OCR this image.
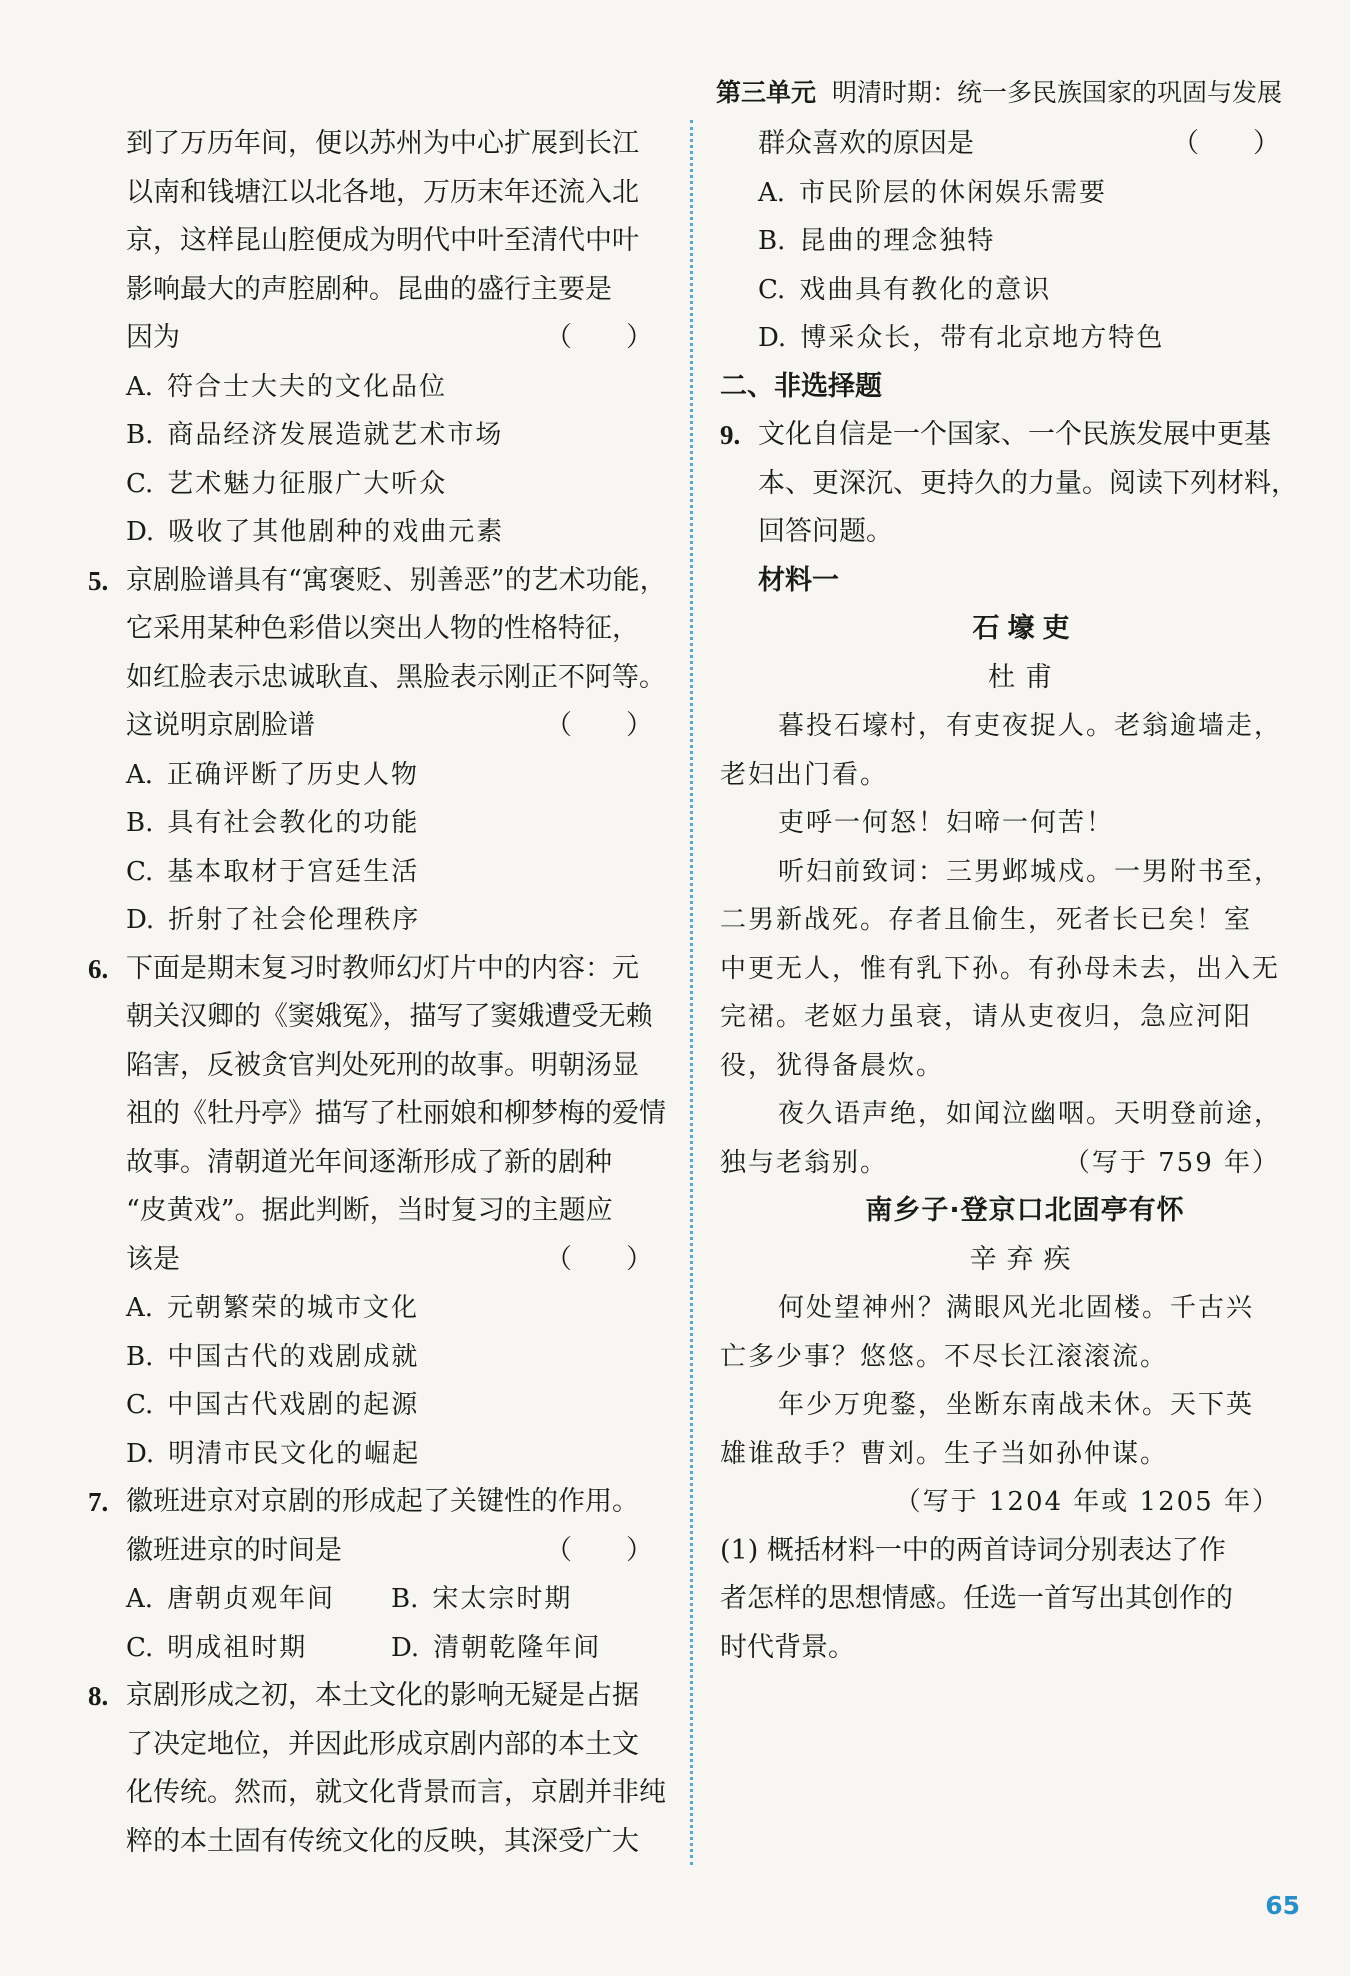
第三单元 明清时期：统一多民族国家的巩固与发展
到了万历年间，便以苏州为中心扩展到长江
以南和钱塘江以北各地，万历末年还流入北
京，这样昆山腔便成为明代中叶至清代中叶
影响最大的声腔剧种。昆曲的盛行主要是
因为	（　　）
A. 符合士大夫的文化品位
B. 商品经济发展造就艺术市场
C. 艺术魅力征服广大听众
D. 吸收了其他剧种的戏曲元素
5. 京剧脸谱具有“寓褒贬、别善恶”的艺术功能，
它采用某种色彩借以突出人物的性格特征，
如红脸表示忠诚耿直、黑脸表示刚正不阿等。
这说明京剧脸谱	（　　）
A. 正确评断了历史人物
B. 具有社会教化的功能
C. 基本取材于宫廷生活
D. 折射了社会伦理秩序
6. 下面是期末复习时教师幻灯片中的内容：元
朝关汉卿的《窦娥冤》，描写了窦娥遭受无赖
陷害，反被贪官判处死刑的故事。明朝汤显
祖的《牡丹亭》描写了杜丽娘和柳梦梅的爱情
故事。清朝道光年间逐渐形成了新的剧种
“皮黄戏”。据此判断，当时复习的主题应
该是	（　　）
A. 元朝繁荣的城市文化
B. 中国古代的戏剧成就
C. 中国古代戏剧的起源
D. 明清市民文化的崛起
7. 徽班进京对京剧的形成起了关键性的作用。
徽班进京的时间是	（　　）
A. 唐朝贞观年间	B. 宋太宗时期
C. 明成祖时期	D. 清朝乾隆年间
8. 京剧形成之初，本土文化的影响无疑是占据
了决定地位，并因此形成京剧内部的本土文
化传统。然而，就文化背景而言，京剧并非纯
粹的本土固有传统文化的反映，其深受广大
群众喜欢的原因是	（　　）
A. 市民阶层的休闲娱乐需要
B. 昆曲的理念独特
C. 戏曲具有教化的意识
D. 博采众长，带有北京地方特色
二、非选择题
9. 文化自信是一个国家、一个民族发展中更基
本、更深沉、更持久的力量。阅读下列材料，
回答问题。
材料一
石壕吏
杜甫
暮投石壕村，有吏夜捉人。老翁逾墙走，
老妇出门看。
吏呼一何怒！妇啼一何苦！
听妇前致词：三男邺城戍。一男附书至，
二男新战死。存者且偷生，死者长已矣！室
中更无人，惟有乳下孙。有孙母未去，出入无
完裙。老妪力虽衰，请从吏夜归，急应河阳
役，犹得备晨炊。
夜久语声绝，如闻泣幽咽。天明登前途，
独与老翁别。	（写于 759 年）
南乡子·登京口北固亭有怀
辛弃疾
何处望神州？满眼风光北固楼。千古兴
亡多少事？悠悠。不尽长江滚滚流。
年少万兜鍪，坐断东南战未休。天下英
雄谁敌手？曹刘。生子当如孙仲谋。
（写于 1204 年或 1205 年）
(1) 概括材料一中的两首诗词分别表达了作
者怎样的思想情感。任选一首写出其创作的
时代背景。
65
